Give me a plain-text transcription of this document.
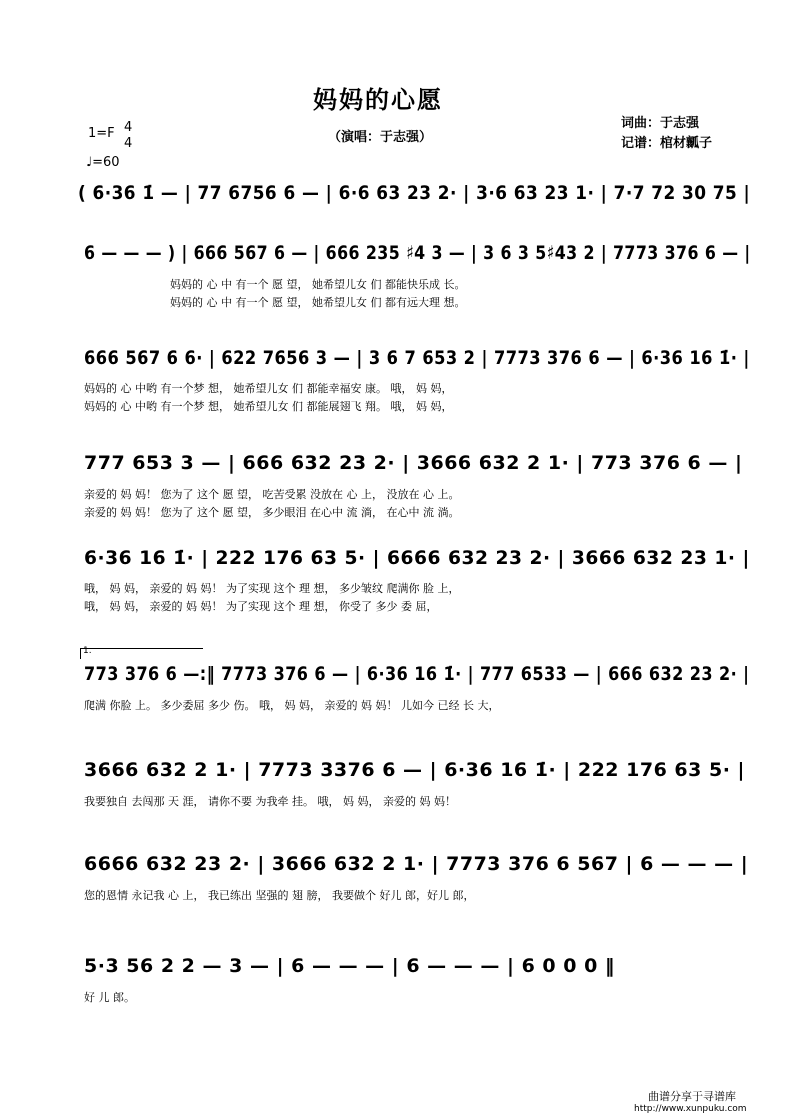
妈妈的心愿
（演唱：于志强）
词曲：于志强
记谱：棺材瓤子
1=F 4
4
♩=60
( 6·36 1̇ — | 77 6756 6 — | 6·6 63 23 2· | 3·6 63 23 1· | 7·7 72 30 75 |
6 — — — ) | 666 567 6 — | 666 235 ♯4 3 — | 3 6 3 5♯43 2 | 7773 376 6 — |
妈妈的 心 中 有一个 愿 望， 她希望儿女 们 都能快乐成 长。
妈妈的 心 中 有一个 愿 望， 她希望儿女 们 都有远大理 想。
666 567 6 6· | 622 7656 3 — | 3 6 7 653 2 | 7773 376 6 — | 6·36 16 1̇· |
妈妈的 心 中哟 有一个梦 想， 她希望儿女 们 都能幸福安 康。 哦， 妈 妈，
妈妈的 心 中哟 有一个梦 想， 她希望儿女 们 都能展翅飞 翔。 哦， 妈 妈，
777 653 3 — | 666 632 23 2· | 3666 632 2 1· | 773 376 6 — |
亲爱的 妈 妈！ 您为了 这个 愿 望， 吃苦受累 没放在 心 上， 没放在 心 上。
亲爱的 妈 妈！ 您为了 这个 愿 望， 多少眼泪 在心中 流 淌， 在心中 流 淌。
6·36 16 1̇· | 222 176 63 5· | 6666 632 23 2· | 3666 632 23 1· |
哦， 妈 妈， 亲爱的 妈 妈！ 为了实现 这个 理 想， 多少皱纹 爬满你 脸 上，
哦， 妈 妈， 亲爱的 妈 妈！ 为了实现 这个 理 想， 你受了 多少 委 屈，
1.
773 376 6 —:‖ 7773 376 6 — | 6·36 16 1̇· | 777 6533 — | 666 632 23 2· |
爬满 你脸 上。 多少委屈 多少 伤。 哦， 妈 妈， 亲爱的 妈 妈！ 儿如今 已经 长 大，
3666 632 2 1· | 7773 3376 6 — | 6·36 16 1̇· | 222 176 63 5· |
我要独自 去闯那 天 涯， 请你不要 为我牵 挂。 哦， 妈 妈， 亲爱的 妈 妈！
6666 632 23 2· | 3666 632 2 1· | 7773 376 6 567 | 6 — — — |
您的恩情 永记我 心 上， 我已练出 坚强的 翅 膀， 我要做个 好儿 郎，好儿 郎，
5·3 56 2 2 — 3 — | 6 — — — | 6 — — — | 6 0 0 0 ‖
好 儿 郎。
曲谱分享于寻谱库
http://www.xunpuku.com
